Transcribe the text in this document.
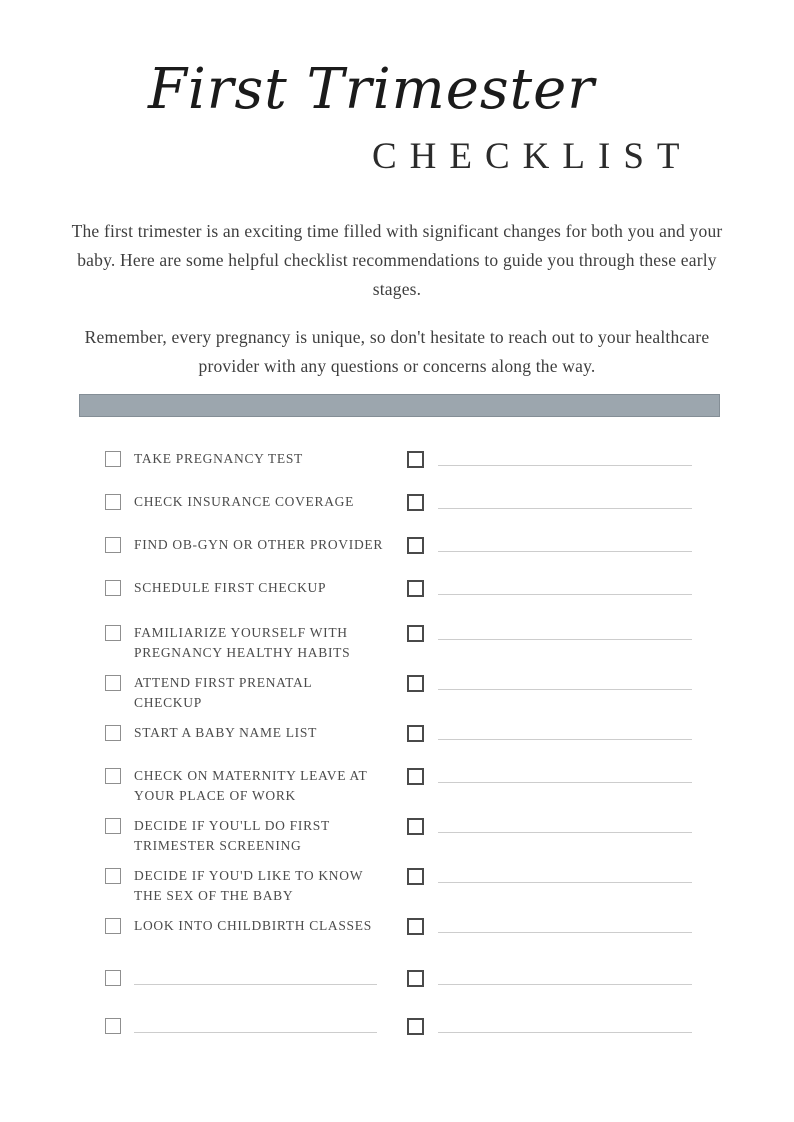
First Trimester
CHECKLIST
The first trimester is an exciting time filled with significant changes for both you and your
baby. Here are some helpful checklist recommendations to guide you through these early
stages.
Remember, every pregnancy is unique, so don't hesitate to reach out to your healthcare
provider with any questions or concerns along the way.
TAKE PREGNANCY TEST
CHECK INSURANCE COVERAGE
FIND OB-GYN OR OTHER PROVIDER
SCHEDULE FIRST CHECKUP
FAMILIARIZE YOURSELF WITH
PREGNANCY HEALTHY HABITS
ATTEND FIRST PRENATAL
CHECKUP
START A BABY NAME LIST
CHECK ON MATERNITY LEAVE AT
YOUR PLACE OF WORK
DECIDE IF YOU'LL DO FIRST
TRIMESTER SCREENING
DECIDE IF YOU'D LIKE TO KNOW
THE SEX OF THE BABY
LOOK INTO CHILDBIRTH CLASSES
